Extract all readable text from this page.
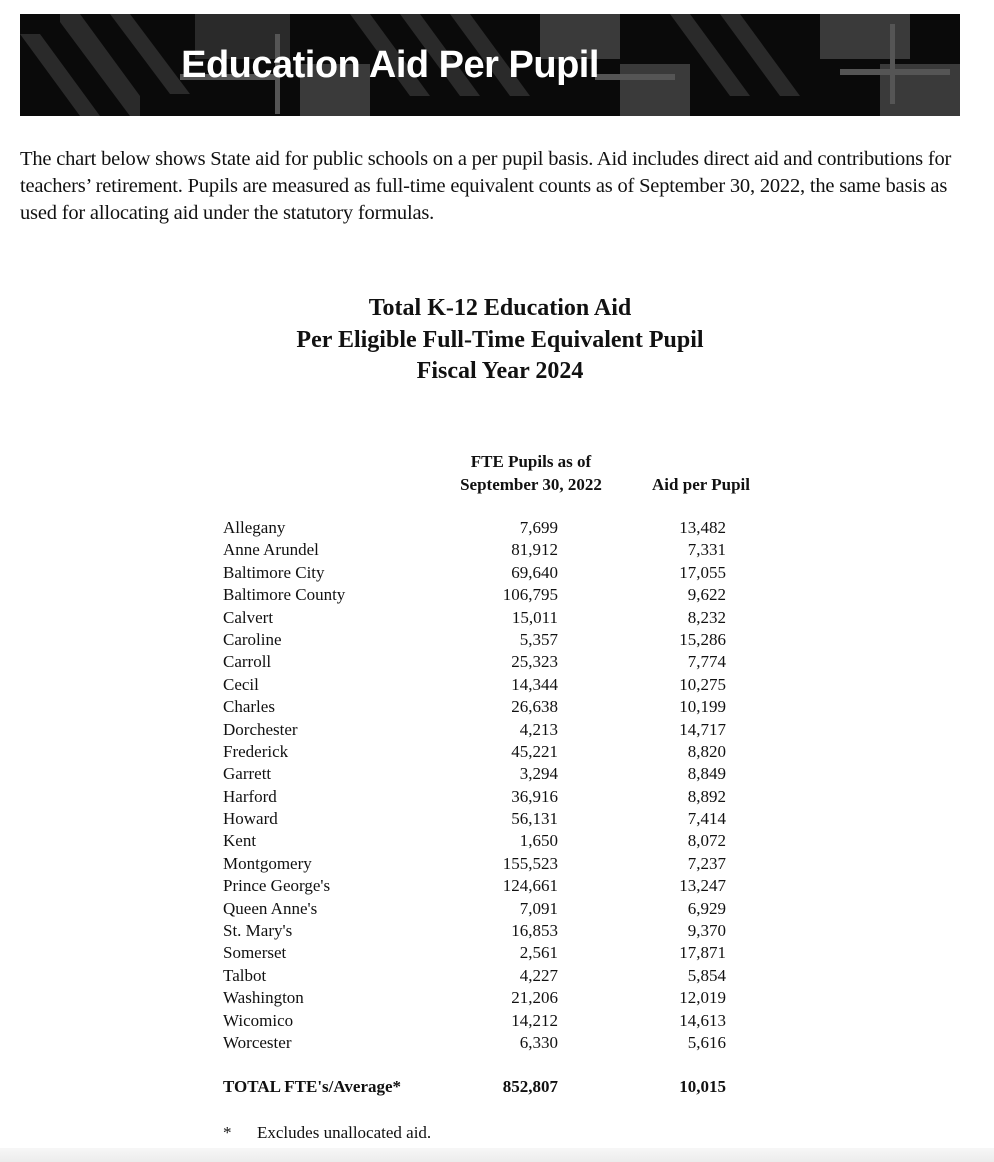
Education Aid Per Pupil
The chart below shows State aid for public schools on a per pupil basis. Aid includes direct aid and contributions for teachers’ retirement. Pupils are measured as full-time equivalent counts as of September 30, 2022, the same basis as used for allocating aid under the statutory formulas.
Total K-12 Education Aid
Per Eligible Full-Time Equivalent Pupil
Fiscal Year 2024
FTE Pupils as of
September 30, 2022	Aid per Pupil
Allegany	7,699	13,482
Anne Arundel	81,912	7,331
Baltimore City	69,640	17,055
Baltimore County	106,795	9,622
Calvert	15,011	8,232
Caroline	5,357	15,286
Carroll	25,323	7,774
Cecil	14,344	10,275
Charles	26,638	10,199
Dorchester	4,213	14,717
Frederick	45,221	8,820
Garrett	3,294	8,849
Harford	36,916	8,892
Howard	56,131	7,414
Kent	1,650	8,072
Montgomery	155,523	7,237
Prince George's	124,661	13,247
Queen Anne's	7,091	6,929
St. Mary's	16,853	9,370
Somerset	2,561	17,871
Talbot	4,227	5,854
Washington	21,206	12,019
Wicomico	14,212	14,613
Worcester	6,330	5,616
TOTAL FTE's/Average*	852,807	10,015
* Excludes unallocated aid.
